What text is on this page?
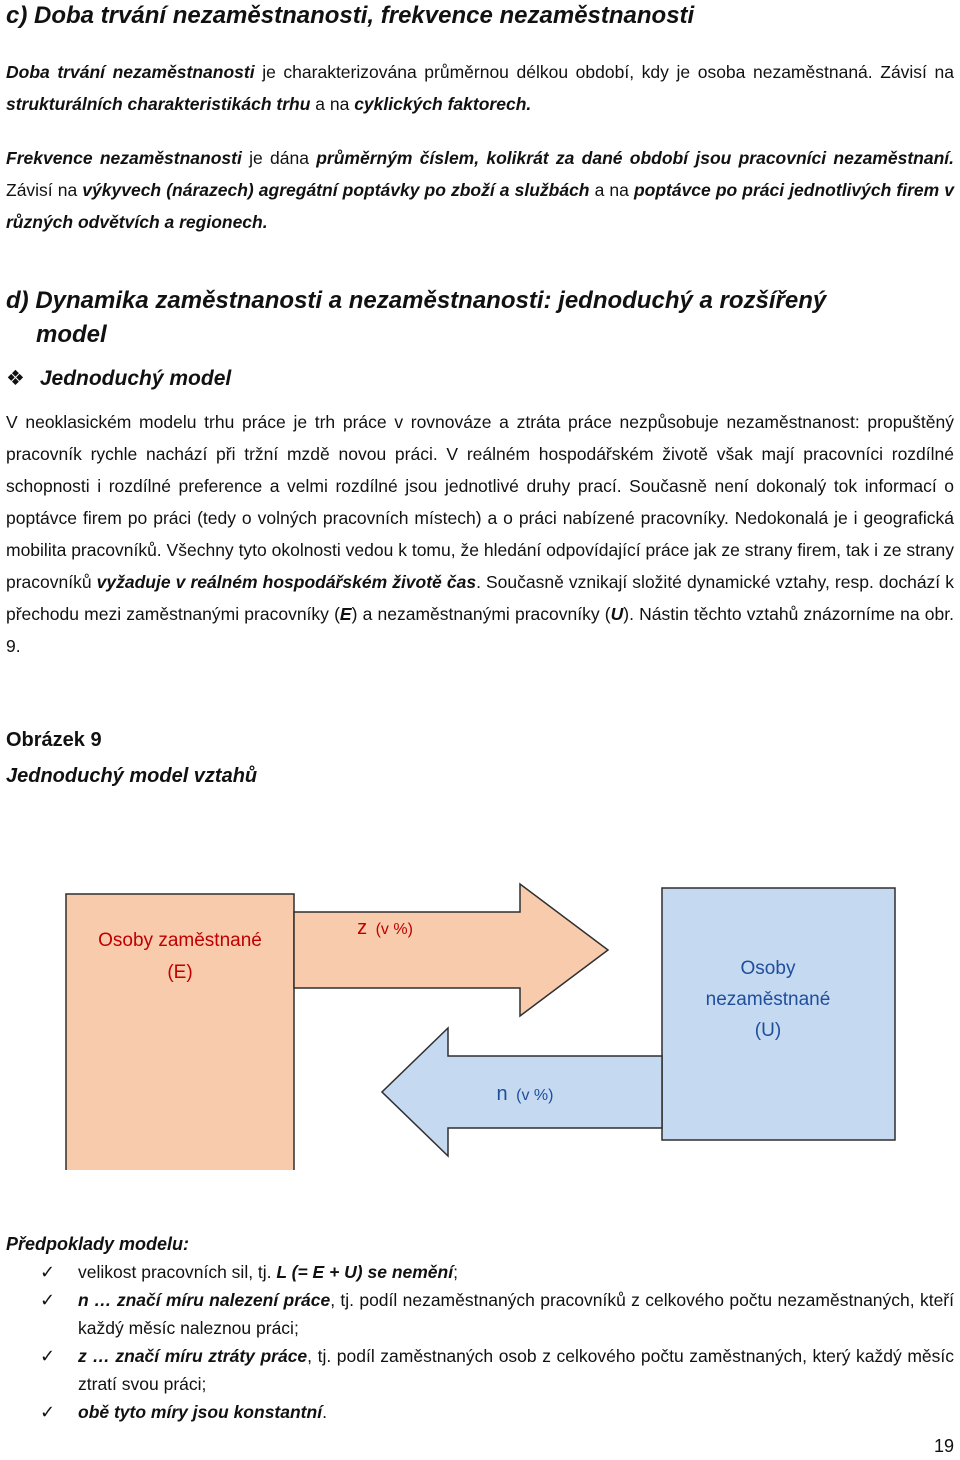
c) Doba trvání nezaměstnanosti, frekvence nezaměstnanosti

Doba trvání nezaměstnanosti je charakterizována průměrnou délkou období, kdy je osoba nezaměstnaná. Závisí na strukturálních charakteristikách trhu a na cyklických faktorech.

Frekvence nezaměstnanosti je dána průměrným číslem, kolikrát za dané období jsou pracovníci nezaměstnaní. Závisí na výkyvech (nárazech) agregátní poptávky po zboží a službách a na poptávce po práci jednotlivých firem v různých odvětvích a regionech.

d) Dynamika zaměstnanosti a nezaměstnanosti: jednoduchý a rozšířený
model
❖ Jednoduchý model

V neoklasickém modelu trhu práce je trh práce v rovnováze a ztráta práce nezpůsobuje nezaměstnanost: propuštěný pracovník rychle nachází při tržní mzdě novou práci. V reálném hospodářském životě však mají pracovníci rozdílné schopnosti i rozdílné preference a velmi rozdílné jsou jednotlivé druhy prací. Současně není dokonalý tok informací o poptávce firem po práci (tedy o volných pracovních místech) a o práci nabízené pracovníky. Nedokonalá je i geografická mobilita pracovníků. Všechny tyto okolnosti vedou k tomu, že hledání odpovídající práce jak ze strany firem, tak i ze strany pracovníků vyžaduje v reálném hospodářském životě čas. Současně vznikají složité dynamické vztahy, resp. dochází k přechodu mezi zaměstnanými pracovníky (E) a nezaměstnanými pracovníky (U). Nástin těchto vztahů znázorníme na obr. 9.

Obrázek 9

Jednoduchý model vztahů

Osoby zaměstnané
(E)	Osoby
nezaměstnané
(U)
z (v %)
n (v %)

Předpoklady modelu:

✓ velikost pracovních sil, tj. L (= E + U) se nemění;
✓ n … značí míru nalezení práce, tj. podíl nezaměstnaných pracovníků z celkového počtu nezaměstnaných, kteří každý měsíc naleznou práci;
✓ z … značí míru ztráty práce, tj. podíl zaměstnaných osob z celkového počtu zaměstnaných, který každý měsíc ztratí svou práci;
✓ obě tyto míry jsou konstantní.
19
